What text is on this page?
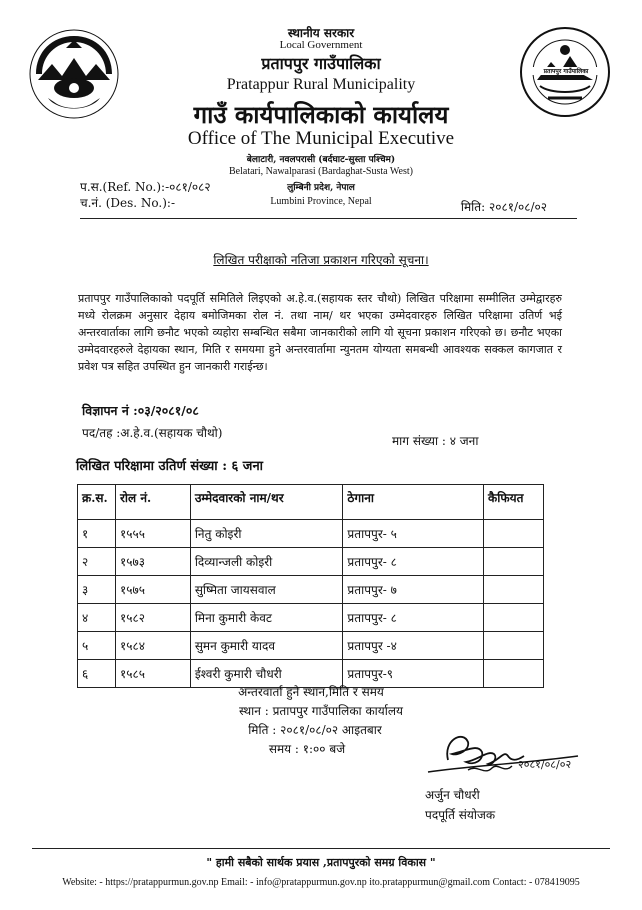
प्रतापपुर गाउँपालिका
स्थानीय सरकार
Local Government
प्रतापपुर गाउँपालिका
Pratappur Rural Municipality
गाउँ कार्यपालिकाको कार्यालय
Office of The Municipal Executive
बेलाटारी, नवलपरासी (बर्दघाट-सुस्ता पश्चिम)
Belatari, Nawalparasi (Bardaghat-Susta West)
लुम्बिनी प्रदेश, नेपाल
Lumbini Province, Nepal
प.स.(Ref. No.):-०८१/०८२
च.नं. (Des. No.):-	मिति: २०८१/०८/०२
लिखित परीक्षाको नतिजा प्रकाशन गरिएको सूचना।
प्रतापपुर गाउँपालिकाको पदपूर्ति समितिले लिइएको अ.हे.व.(सहायक स्तर चौथो) लिखित परिक्षामा सम्मीलित उम्मेद्वारहरु मध्ये रोलक्रम अनुसार देहाय बमोजिमका रोल नं. तथा नाम/ थर भएका उम्मेदवारहरु लिखित परिक्षामा उतिर्ण भई अन्तरवार्ताका लागि छनौट भएको व्यहोरा सम्बन्धित सबैमा जानकारीको लागि यो सूचना प्रकाशन गरिएको छ। छनौट भएका उम्मेदवारहरुले देहायका स्थान, मिति र समयमा हुने अन्तरवार्तामा न्युनतम योग्यता समबन्धी आवश्यक सक्कल कागजात र प्रवेश पत्र सहित उपस्थित हुन जानकारी गराईन्छ।
विज्ञापन नं :०३/२०८१/०८
पद/तह :अ.हे.व.(सहायक चौथो)
माग संख्या : ४ जना
लिखित परिक्षामा उतिर्ण संख्या : ६ जना
क्र.स.	रोल नं.	उम्मेदवारको नाम/थर	ठेगाना	कैफियत
१	१५५५	नितु कोइरी	प्रतापपुर- ५	
२	१५७३	दिव्यान्जली कोइरी	प्रतापपुर- ८	
३	१५७५	सुष्मिता जायसवाल	प्रतापपुर- ७	
४	१५८२	मिना कुमारी केवट	प्रतापपुर- ८	
५	१५८४	सुमन कुमारी यादव	प्रतापपुर -४	
६	१५८५	ईश्वरी कुमारी चौधरी	प्रतापपुर-९	
अन्तरवार्ता हुने स्थान,मिति र समय
स्थान : प्रतापपुर गाउँपालिका कार्यालय
मिति : २०८१/०८/०२ आइतबार
समय : १:०० बजे
२०८१/०८/०२
अर्जुन चौधरी
पदपूर्ति संयोजक
" हामी सबैको सार्थक प्रयास ,प्रतापपुरको समग्र विकास "
Website: - https://pratappurmun.gov.np Email: - info@pratappurmun.gov.np ito.pratappurmun@gmail.com Contact: - 078419095
